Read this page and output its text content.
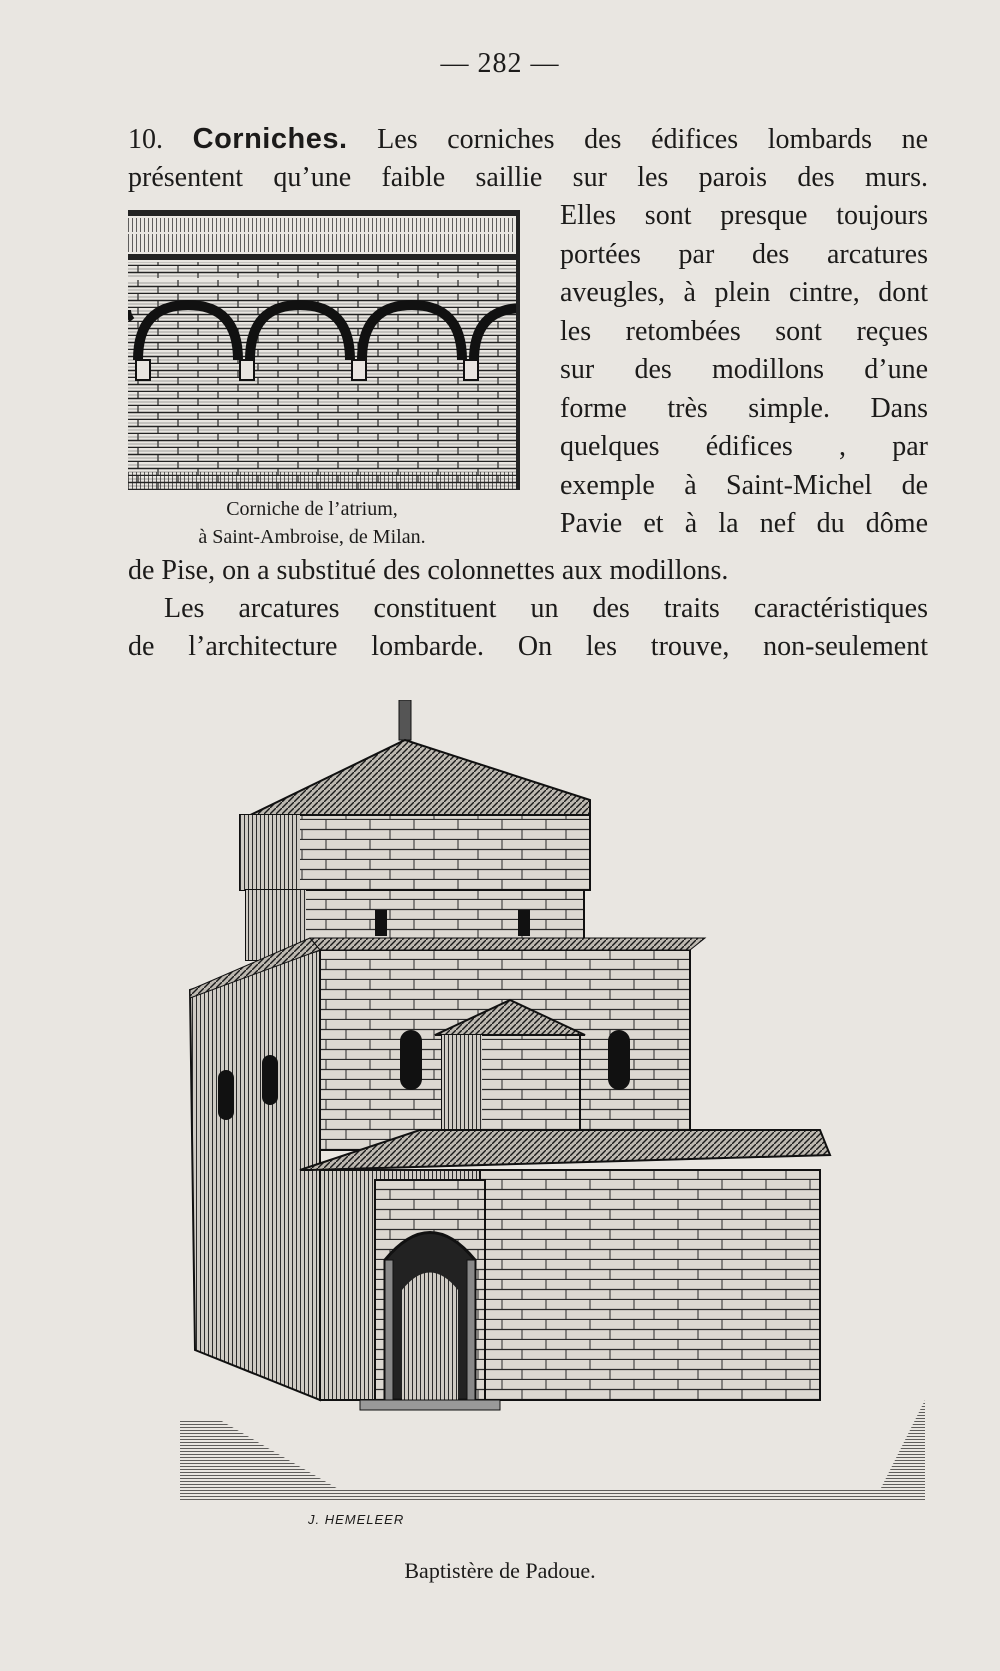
— 282 —
10. Corniches. Les corniches des édifices lombards ne
présentent qu’une faible saillie sur les parois des murs.
Corniche de l’atrium,
à Saint-Ambroise, de Milan.
Elles sont presque toujours
portées par des arcatures
aveugles, à plein cintre, dont
les retombées sont reçues
sur des modillons d’une
forme très simple. Dans
quelques édifices , par
exemple à Saint-Michel de
Pavie et à la nef du dôme
de Pise, on a substitué des colonnettes aux modillons.
Les arcatures constituent un des traits caractéristiques
de l’architecture lombarde. On les trouve, non-seulement
J. HEMELEER
Baptistère de Padoue.
